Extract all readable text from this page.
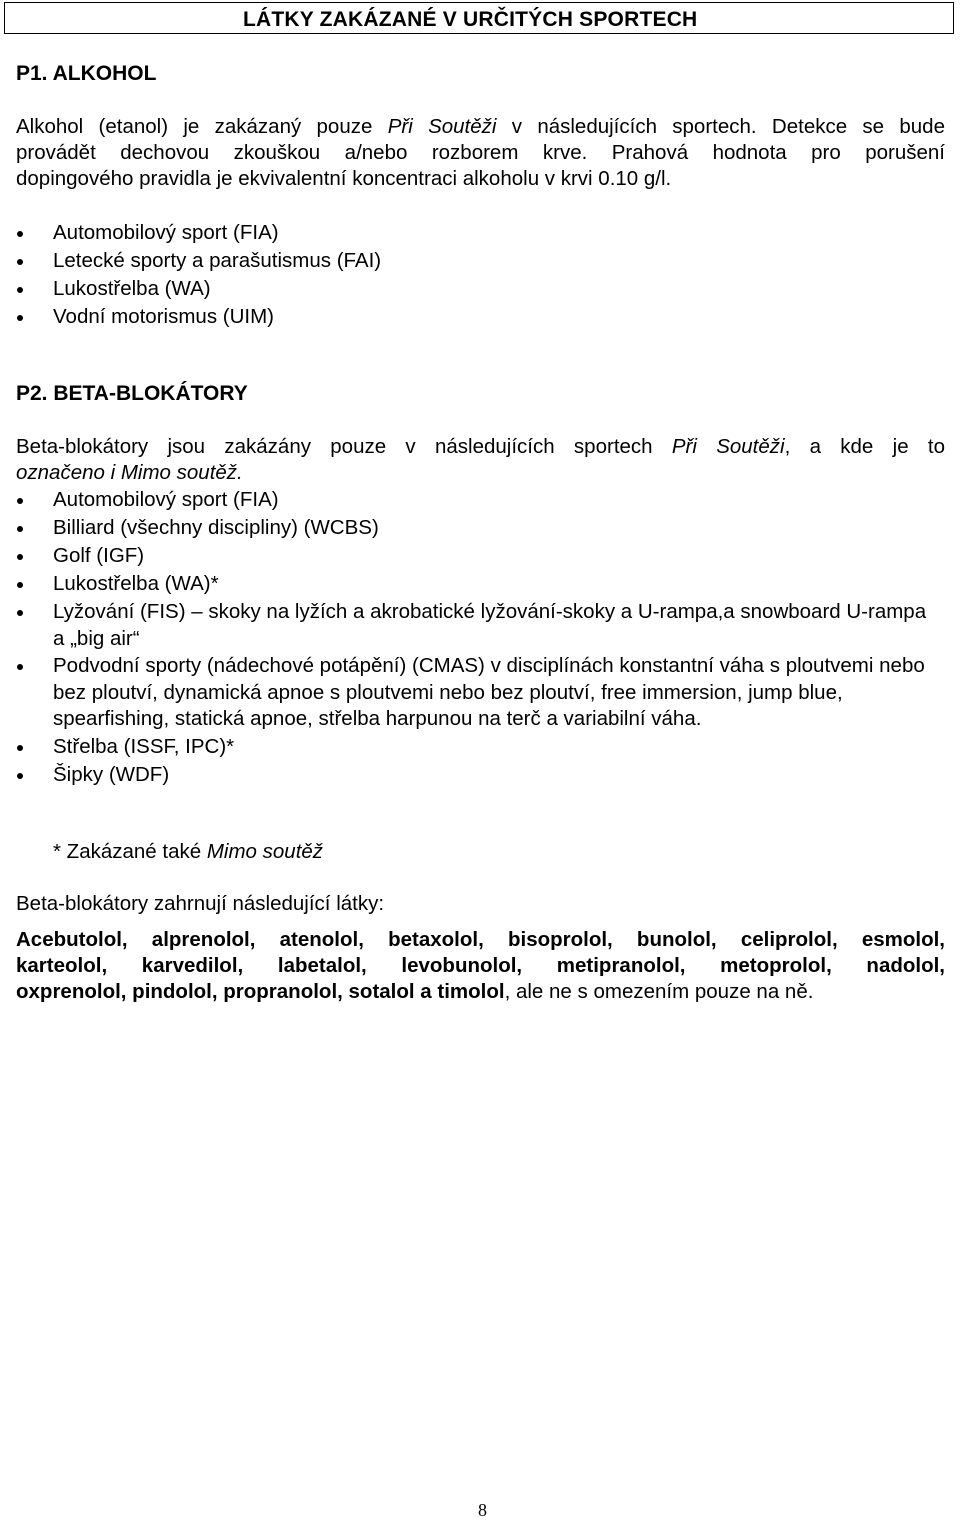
LÁTKY ZAKÁZANÉ V URČITÝCH SPORTECH
P1. ALKOHOL
Alkohol (etanol) je zakázaný pouze Při Soutěži v následujících sportech. Detekce se bude
provádět dechovou zkouškou a/nebo rozborem krve. Prahová hodnota pro porušení
dopingového pravidla je ekvivalentní koncentraci alkoholu v krvi 0.10 g/l.
Automobilový sport (FIA)
Letecké sporty a parašutismus (FAI)
Lukostřelba (WA)
Vodní motorismus (UIM)
P2. BETA-BLOKÁTORY
Beta-blokátory jsou zakázány pouze v následujících sportech Při Soutěži, a kde je to
označeno i Mimo soutěž.
Automobilový sport (FIA)
Billiard (všechny discipliny) (WCBS)
Golf (IGF)
Lukostřelba (WA)*
Lyžování (FIS) – skoky na lyžích a akrobatické lyžování-skoky a U-rampa,a snowboard U-rampa a „big air“
Podvodní sporty (nádechové potápění) (CMAS) v disciplínách konstantní váha s ploutvemi nebo bez ploutví, dynamická apnoe s ploutvemi nebo bez ploutví, free immersion, jump blue, spearfishing, statická apnoe, střelba harpunou na terč a variabilní váha.
Střelba (ISSF, IPC)*
Šipky (WDF)
* Zakázané také Mimo soutěž
Beta-blokátory zahrnují následující látky:
Acebutolol, alprenolol, atenolol, betaxolol, bisoprolol, bunolol, celiprolol, esmolol,
karteolol, karvedilol, labetalol, levobunolol, metipranolol, metoprolol, nadolol,
oxprenolol, pindolol, propranolol, sotalol a timolol, ale ne s omezením pouze na ně.
8
